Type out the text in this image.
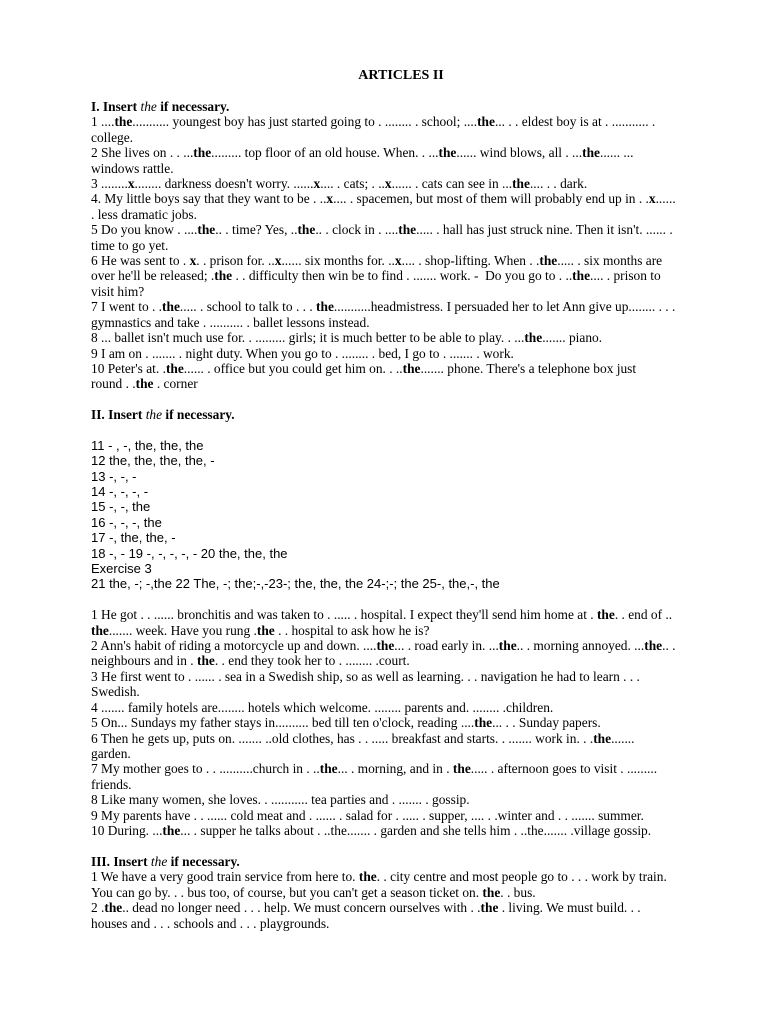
ARTICLES II
I. Insert the if necessary.
1 ....the........... youngest boy has just started going to . ........ . school; ....the... . . eldest boy is at . ........... .
college.
2 She lives on . . ...the......... top floor of an old house. When. . ...the...... wind blows, all . ...the...... ...
windows rattle.
3 ........x........ darkness doesn't worry. ......x.... . cats; . ..x...... . cats can see in ...the.... . . dark.
4. My little boys say that they want to be . ..x.... . spacemen, but most of them will probably end up in . .x......
. less dramatic jobs.
5 Do you know . ....the.. . time? Yes, ..the.. . clock in . ....the..... . hall has just struck nine. Then it isn't. ...... .
time to go yet.
6 He was sent to . x. . prison for. ..x...... six months for. ..x.... . shop-lifting. When . .the..... . six months are
over he'll be released; .the . . difficulty then win be to find . ....... work. -  Do you go to . ..the.... . prison to
visit him?
7 I went to . .the..... . school to talk to . . . the...........headmistress. I persuaded her to let Ann give up........ . . .
gymnastics and take . .......... . ballet lessons instead.
8 ... ballet isn't much use for. . ......... girls; it is much better to be able to play. . ...the....... piano.
9 I am on . ....... . night duty. When you go to . ........ . bed, I go to . ....... . work.
10 Peter's at. .the...... . office but you could get him on. . ..the....... phone. There's a telephone box just
round . .the . corner
II. Insert the if necessary.
11 - , -, the, the, the
12 the, the, the, the, -
13 -, -, -
14 -, -, -, -
15 -, -, the
16 -, -, -, the
17 -, the, the, -
18 -, - 19 -, -, -, -, - 20 the, the, the
Exercise 3
21 the, -; -,the 22 The, -; the;-,-23-; the, the, the 24-;-; the 25-, the,-, the
1 He got . . ...... bronchitis and was taken to . ..... . hospital. I expect they'll send him home at . the. . end of ..
the....... week. Have you rung .the . . hospital to ask how he is?
2 Ann's habit of riding a motorcycle up and down. ....the... . road early in. ...the.. . morning annoyed. ...the.. .
neighbours and in . the. . end they took her to . ........ .court.
3 He first went to . ...... . sea in a Swedish ship, so as well as learning. . . navigation he had to learn . . .
Swedish.
4 ....... family hotels are........ hotels which welcome. ........ parents and. ........ .children.
5 On... Sundays my father stays in.......... bed till ten o'clock, reading ....the... . . Sunday papers.
6 Then he gets up, puts on. ....... ..old clothes, has . . ..... breakfast and starts. . ....... work in. . .the.......
garden.
7 My mother goes to . . ..........church in . ..the... . morning, and in . the..... . afternoon goes to visit . .........
friends.
8 Like many women, she loves. . ........... tea parties and . ....... . gossip.
9 My parents have . . ...... cold meat and . ...... . salad for . ..... . supper, .... . .winter and . . ....... summer.
10 During. ...the... . supper he talks about . ..the....... . garden and she tells him . ..the....... .village gossip.
III. Insert the if necessary.
1 We have a very good train service from here to. the. . city centre and most people go to . . . work by train.
You can go by. . . bus too, of course, but you can't get a season ticket on. the. . bus.
2 .the.. dead no longer need . . . help. We must concern ourselves with . .the . living. We must build. . .
houses and . . . schools and . . . playgrounds.
